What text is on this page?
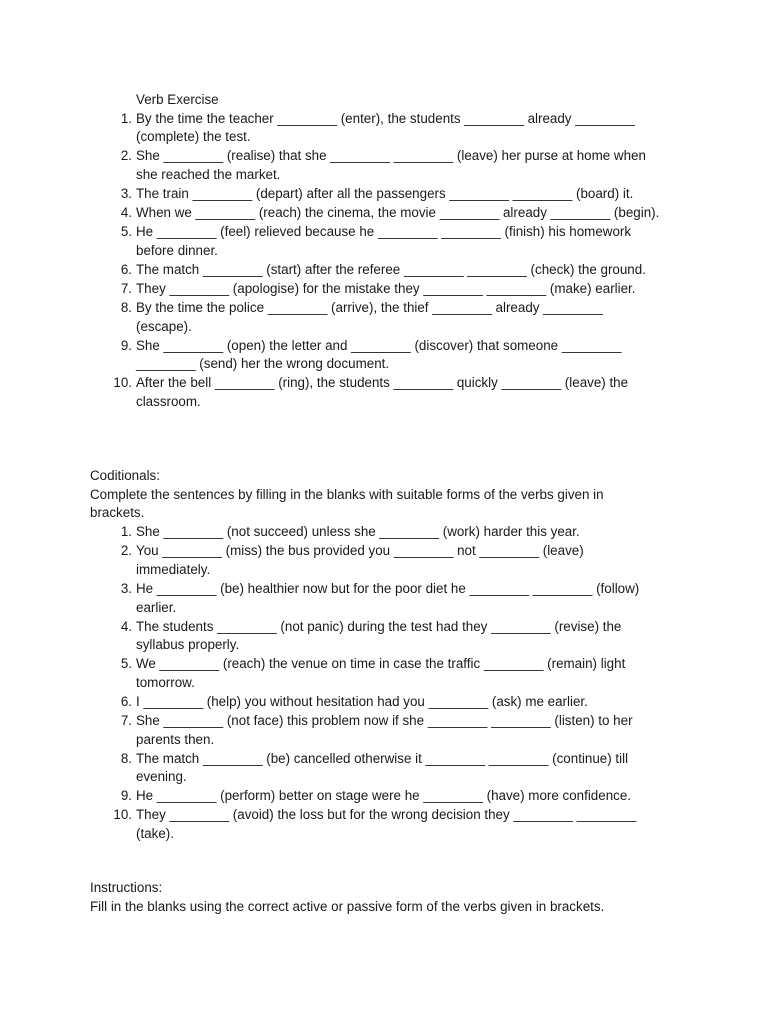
Verb Exercise

1. By the time the teacher ________ (enter), the students ________ already ________ (complete) the test.
2. She ________ (realise) that she ________ ________ (leave) her purse at home when she reached the market.
3. The train ________ (depart) after all the passengers ________ ________ (board) it.
4. When we ________ (reach) the cinema, the movie ________ already ________ (begin).
5. He ________ (feel) relieved because he ________ ________ (finish) his homework before dinner.
6. The match ________ (start) after the referee ________ ________ (check) the ground.
7. They ________ (apologise) for the mistake they ________ ________ (make) earlier.
8. By the time the police ________ (arrive), the thief ________ already ________ (escape).
9. She ________ (open) the letter and ________ (discover) that someone ________ ________ (send) her the wrong document.
10. After the bell ________ (ring), the students ________ quickly ________ (leave) the classroom.

Coditionals:

Complete the sentences by filling in the blanks with suitable forms of the verbs given in brackets.

1. She ________ (not succeed) unless she ________ (work) harder this year.
2. You ________ (miss) the bus provided you ________ not ________ (leave) immediately.
3. He ________ (be) healthier now but for the poor diet he ________ ________ (follow) earlier.
4. The students ________ (not panic) during the test had they ________ (revise) the syllabus properly.
5. We ________ (reach) the venue on time in case the traffic ________ (remain) light tomorrow.
6. I ________ (help) you without hesitation had you ________ (ask) me earlier.
7. She ________ (not face) this problem now if she ________ ________ (listen) to her parents then.
8. The match ________ (be) cancelled otherwise it ________ ________ (continue) till evening.
9. He ________ (perform) better on stage were he ________ (have) more confidence.
10. They ________ (avoid) the loss but for the wrong decision they ________ ________ (take).

Instructions:

Fill in the blanks using the correct active or passive form of the verbs given in brackets.
